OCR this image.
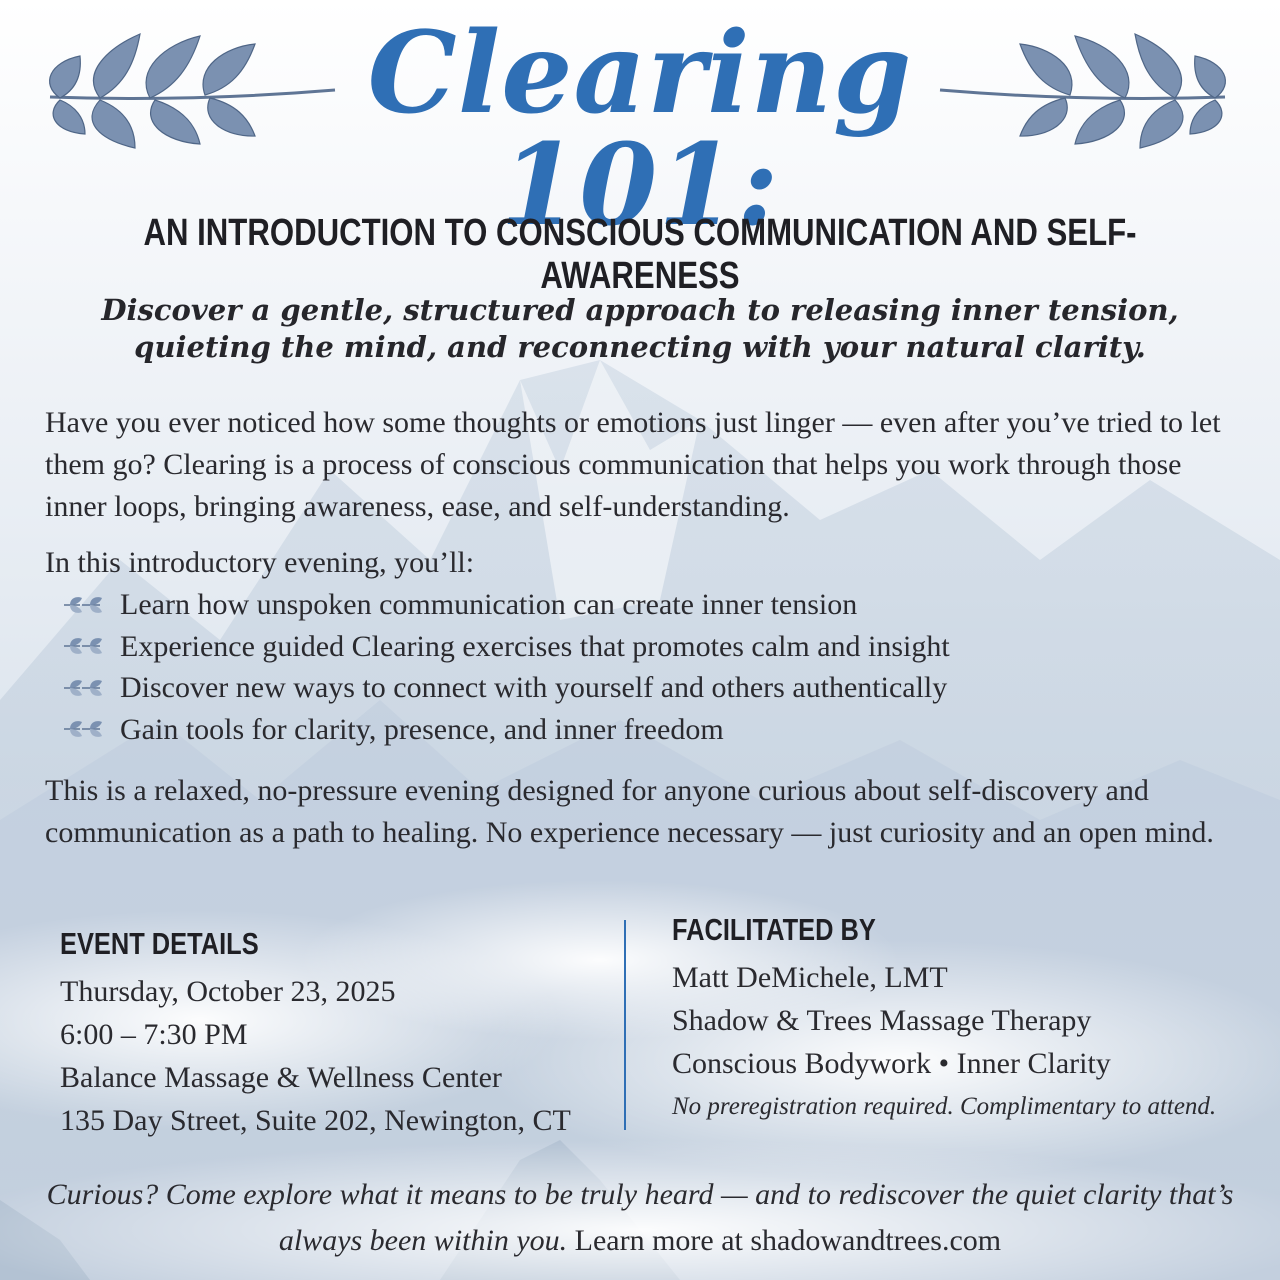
Clearing 101:
AN INTRODUCTION TO CONSCIOUS COMMUNICATION AND SELF-AWARENESS
Discover a gentle, structured approach to releasing inner tension, quieting the mind, and reconnecting with your natural clarity.
Have you ever noticed how some thoughts or emotions just linger — even after you’ve tried to let them go? Clearing is a process of conscious communication that helps you work through those inner loops, bringing awareness, ease, and self-understanding.
In this introductory evening, you’ll:
Learn how unspoken communication can create inner tension
Experience guided Clearing exercises that promotes calm and insight
Discover new ways to connect with yourself and others authentically
Gain tools for clarity, presence, and inner freedom
This is a relaxed, no-pressure evening designed for anyone curious about self-discovery and communication as a path to healing. No experience necessary — just curiosity and an open mind.
EVENT DETAILS
Thursday, October 23, 2025
6:00 – 7:30 PM
Balance Massage & Wellness Center
135 Day Street, Suite 202, Newington, CT
FACILITATED BY
Matt DeMichele, LMT
Shadow & Trees Massage Therapy
Conscious Bodywork • Inner Clarity
No preregistration required. Complimentary to attend.
Curious? Come explore what it means to be truly heard — and to rediscover the quiet clarity that’s always been within you. Learn more at shadowandtrees.com
